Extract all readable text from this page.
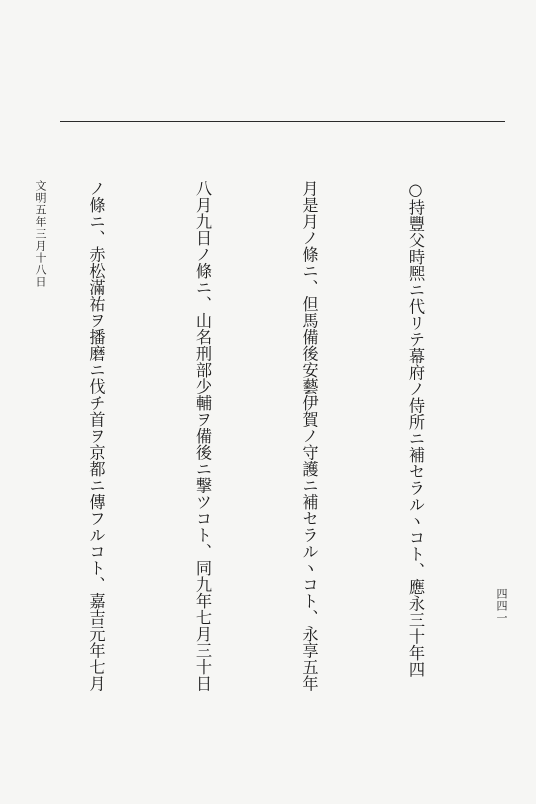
○持豐父時熈ニ代リテ幕府ノ侍所ニ補セラルヽコト、應永三十年四

月是月ノ條ニ、但馬備後安藝伊賀ノ守護ニ補セラルヽコト、永享五年

八月九日ノ條ニ、山名刑部少輔ヲ備後ニ撃ツコト、同九年七月三十日

ノ條ニ、赤松滿祐ヲ播磨ニ伐チ首ヲ京都ニ傳フルコト、嘉吉元年七月

文明五年三月十八日
四四一
